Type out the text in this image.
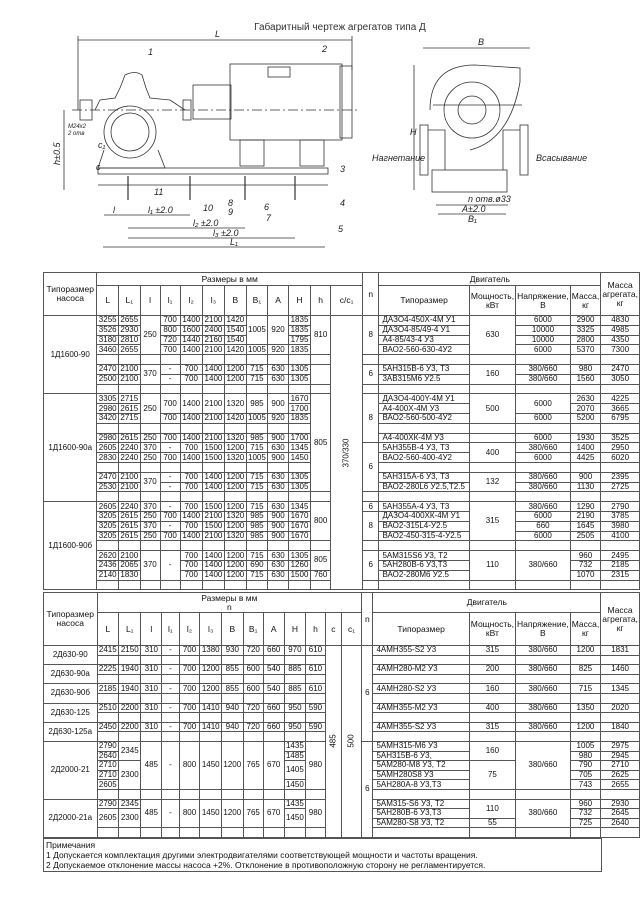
Габаритный чертеж агрегатов типа Д
L
l	l₁ ±2.0
l₂ ±2.0
l₃ ±2.0
L₁
h±0.5
М24х2
2 отв
c₁
c
1	2
3
4
5
6
7
8
9
10
11
B
H
Нагнетание	Всасывание
n отв.ø33
A±2.0
B₁
Типоразмер насоса	Размеры в мм												n	Двигатель				Масса агрегата, кг
	L	L₁	l	l₁	l₂	l₃	B	B₁	A	H	h	c/c₁		Типоразмер	Мощность, кВт	Напряжение, В	Масса, кг	
1Д1600-90	3255	2655	250	700	1400	2100	1420	1005	920	1835	810	370/330	8	ДАЗО4-450Х-4М У1	630	6000	2900	4830
	3526	2930		800	1600	2400	1540			1835				ДАЗО4-85/49-4 У1		10000	3325	4985
	3180	2810		720	1440	2160	1540			1795				А4-85/43-4 У3		10000	2800	4350
	3460	2655		700	1400	2100	1420	1005	920	1835				ВАО2-560-630-4У2		6000	5370	7300

	2470	2100	370	-	700	1400	1200	715	630	1305			6	5АН315В-6 У3, Т3	160	380/660	980	2470
	2500	2100		-	700	1400	1200	715	630	1305				3АВ315М6 У2.5		380/660	1560	3050

1Д1600-90а	3305	2715	250	700	1400	2100	1320	985	900	1670	805		8	ДАЗО4-400Y-4М У1	500	6000	2630	4225
	2980	2615								1700				А4-400Х-4М У3			2070	3665
	3420	2715		700	1400	2100	1420	1005	920	1835				ВАО2-560-500-4У2		6000	5200	6795

	2980	2615	250	700	1400	2100	1320	985	900	1700				А4-400ХК-4М У3		6000	1930	3525
	2605	2240	370	-	700	1500	1200	715	630	1345			6	5АН355В-4 У3, Т3	400	380/660	1400	2950
	2830	2240	250	700	1400	1500	1320	1005	900	1450				ВАО2-560-400-4У2		6000	4425	6020

	2470	2100	370	-	700	1400	1200	715	630	1305				5АН315А-6 У3, Т3	132	380/660	900	2395
	2530	2100		-	700	1400	1200	715	630	1305				ВАО2-280L6 У2.5,Т2.5		380/660	1130	2725

1Д1600-90б	2605	2240	370	-	700	1500	1200	715	630	1345	800		6	5АН355А-4 У3, Т3	315	380/660	1290	2790
	3205	2615	250	700	1400	2100	1320	985	900	1670			8	ДАЗО4-400ХК-4М У1		6000	2190	3785
	3205	2615	370	-	700	1500	1200	985	900	1670				ВАО2-315L4-У2.5		660	1645	3980
	3205	2615	250	700	1400	2100	1320	985	900	1670				ВАО2-450-315-4-У2.5		6000	2505	4100

	2620	2100	370	-	700	1400	1200	715	630	1305	805		6	5АМ315S6 У3, Т2	110	380/660	960	2495
	2436	2065			700	1400	1200	690	630	1260				5АН280В-6 У3,Т3			732	2185
	2140	1830			700	1400	1200	715	630	1500	760			ВАО2-280М6 У2.5			1070	2315

Типоразмер насоса	Размеры в мм
n													n	Двигатель				Масса агрегата, кг
	L	L₁	l	l₁	l₂	l₃	B	B₁	A	H	h	c	c₁		Типоразмер	Мощность, кВт	Напряжение, В	Масса, кг	
2Д630-90	2415	2150	310	-	700	1380	930	720	660	970	610	485	500	6	4АМН355-S2 У3	315	380/660	1200	1831

2Д630-90а	2225	1940	310	-	700	1200	855	600	540	885	610				4АМН280-М2 У3	200	380/660	825	1460

2Д630-90б	2185	1940	310	-	700	1200	855	600	540	885	610				4АМН280-S2 У3	160	380/660	715	1345

2Д630-125	2510	2200	310	-	700	1410	940	720	660	950	590				4АМН355-М2 У3	400	380/660	1350	2020

2Д630-125а	2450	2200	310	-	700	1410	940	720	660	950	590				4АМН355-S2 У3	315	380/660	1200	1840

2Д2000-21	2790	2345	485	-	800	1450	1200	765	670	1435	980			6	5АМН315-М6 У3	160	380/660	1005	2975
	2640									1485					5АН315В-6 У3,			980	2945
	2710	2300								1405					5АМ280-М8 У3, Т2	75		790	2710
	2710														5АМН280S8 У3			705	2625
	2605									1450					5АН280А-8 У3,Т3			743	2655

2Д2000-21а	2790	2345	485	-	800	1450	1200	765	670	1435	980				5АМ315-S6 У3, Т2	110	380/660	960	2930
	2605	2300								1450					5АН280В-6 У3,Т3			732	2645
															5АМ280-S8 У3, Т2	55		725	2640

Примечания
1 Допускается комплектация другими электродвигателями соответствующей мощности и частоты вращения.
2 Допускаемое отклонение массы насоса +2%. Отклонение в противоположную сторону не регламентируется.
